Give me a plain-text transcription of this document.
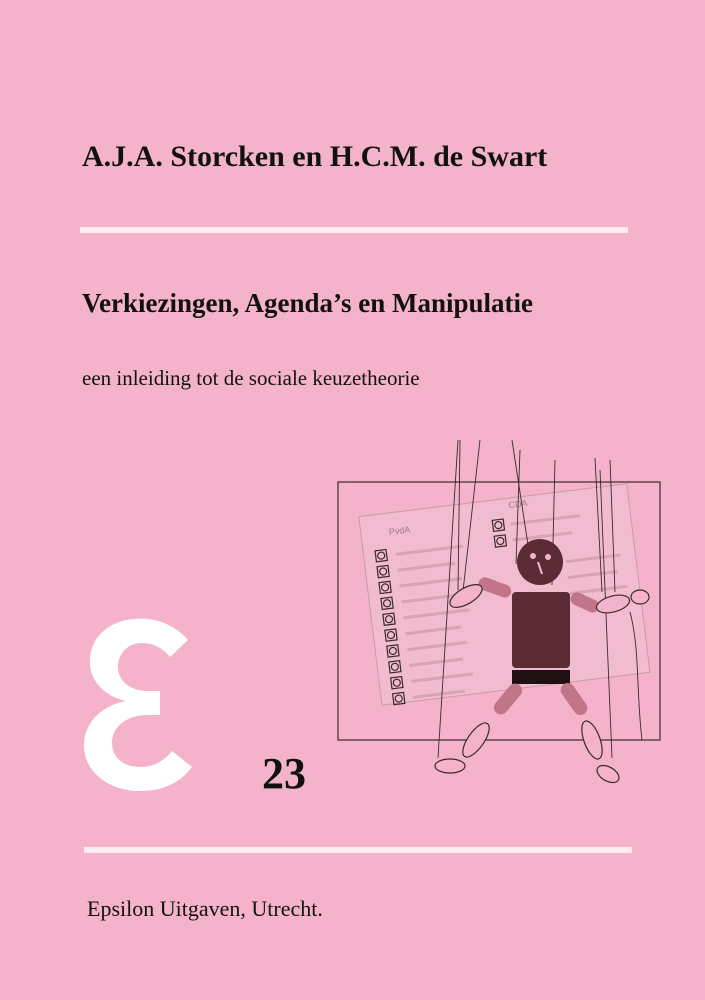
A.J.A. Storcken en H.C.M. de Swart
Verkiezingen, Agenda’s en Manipulatie
een inleiding tot de sociale keuzetheorie
23
PvdA
CDA
Epsilon Uitgaven, Utrecht.
